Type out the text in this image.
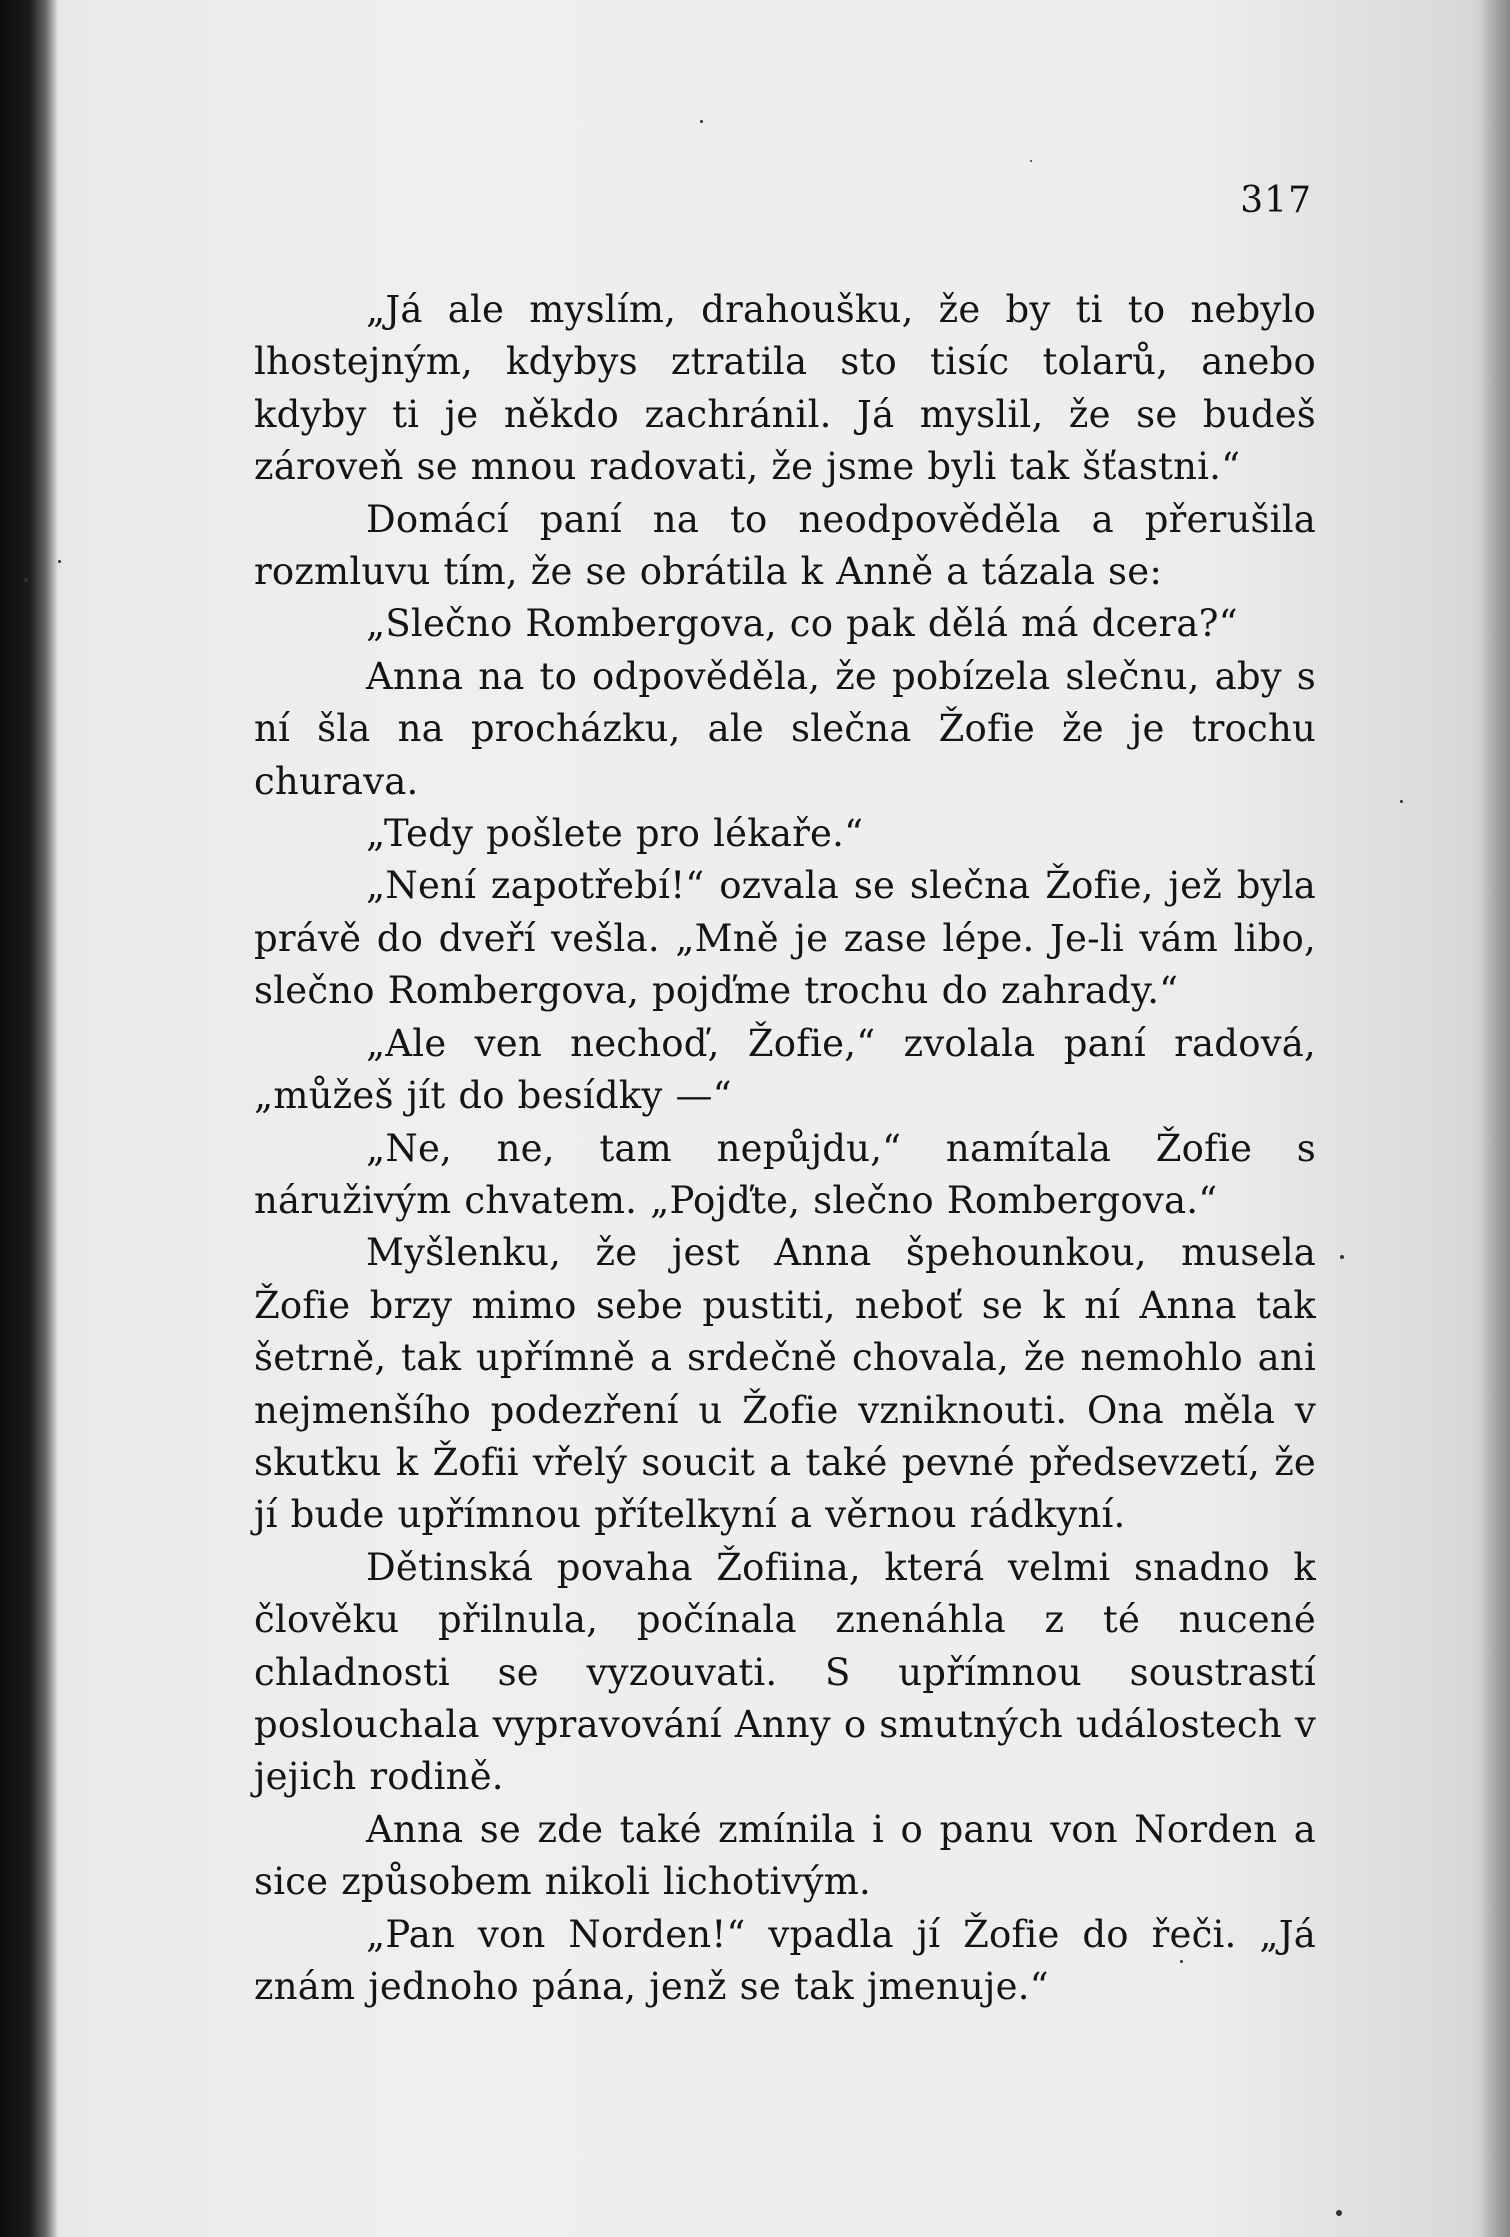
317

„Já ale myslím, drahoušku, že by ti to nebylo lhostejným, kdybys ztratila sto tisíc tolarů, anebo kdyby ti je někdo zachránil. Já myslil, že se budeš zároveň se mnou radovati, že jsme byli tak šťastni.“

Domácí paní na to neodpověděla a přerušila rozmluvu tím, že se obrátila k Anně a tázala se:

„Slečno Rombergova, co pak dělá má dcera?“

Anna na to odpověděla, že pobízela slečnu, aby s ní šla na procházku, ale slečna Žofie že je trochu churava.

„Tedy pošlete pro lékaře.“

„Není zapotřebí!“ ozvala se slečna Žofie, jež byla právě do dveří vešla. „Mně je zase lépe. Je-li vám libo, slečno Rombergova, pojďme trochu do zahrady.“

„Ale ven nechoď, Žofie,“ zvolala paní radová, „můžeš jít do besídky —“

„Ne, ne, tam nepůjdu,“ namítala Žofie s náruživým chvatem. „Pojďte, slečno Rombergova.“

Myšlenku, že jest Anna špehounkou, musela Žofie brzy mimo sebe pustiti, neboť se k ní Anna tak šetrně, tak upřímně a srdečně chovala, že nemohlo ani nejmenšího podezření u Žofie vzniknouti. Ona měla v skutku k Žofii vřelý soucit a také pevné předsevzetí, že jí bude upřímnou přítelkyní a věrnou rádkyní.

Dětinská povaha Žofiina, která velmi snadno k člověku přilnula, počínala znenáhla z té nucené chladnosti se vyzouvati. S upřímnou soustrastí poslouchala vypravování Anny o smutných událostech v jejich rodině.

Anna se zde také zmínila i o panu von Norden a sice způsobem nikoli lichotivým.

„Pan von Norden!“ vpadla jí Žofie do řeči. „Já znám jednoho pána, jenž se tak jmenuje.“
